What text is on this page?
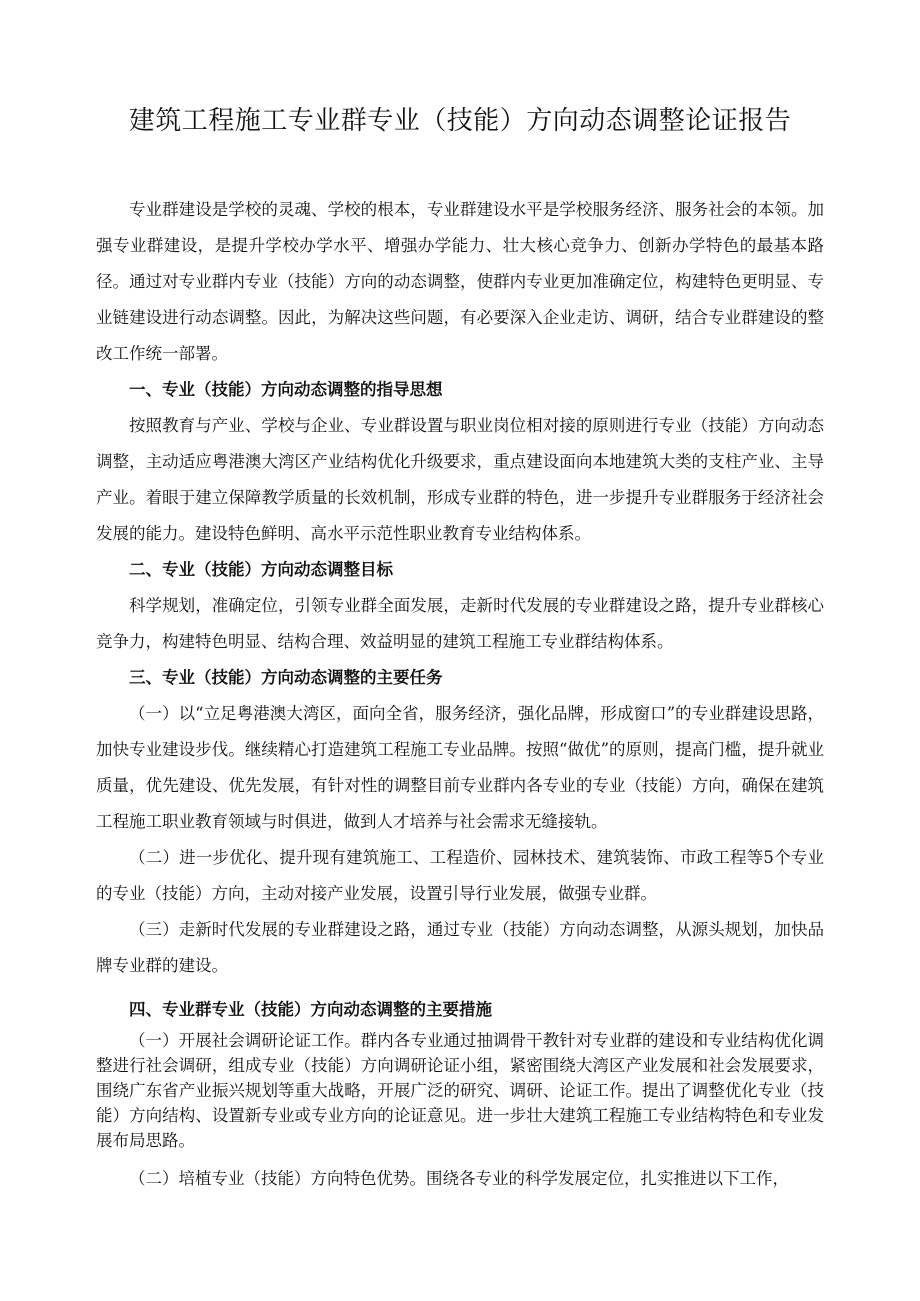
建筑工程施工专业群专业（技能）方向动态调整论证报告

专业群建设是学校的灵魂、学校的根本，专业群建设水平是学校服务经济、服务社会的本领。加强专业群建设，是提升学校办学水平、增强办学能力、壮大核心竞争力、创新办学特色的最基本路径。通过对专业群内专业（技能）方向的动态调整，使群内专业更加准确定位，构建特色更明显、专业链建设进行动态调整。因此，为解决这些问题，有必要深入企业走访、调研，结合专业群建设的整改工作统一部署。

一、专业（技能）方向动态调整的指导思想

按照教育与产业、学校与企业、专业群设置与职业岗位相对接的原则进行专业（技能）方向动态调整，主动适应粤港澳大湾区产业结构优化升级要求，重点建设面向本地建筑大类的支柱产业、主导产业。着眼于建立保障教学质量的长效机制，形成专业群的特色，进一步提升专业群服务于经济社会发展的能力。建设特色鲜明、高水平示范性职业教育专业结构体系。

二、专业（技能）方向动态调整目标

科学规划，准确定位，引领专业群全面发展，走新时代发展的专业群建设之路，提升专业群核心竞争力，构建特色明显、结构合理、效益明显的建筑工程施工专业群结构体系。

三、专业（技能）方向动态调整的主要任务

（一）以“立足粤港澳大湾区，面向全省，服务经济，强化品牌，形成窗口”的专业群建设思路，加快专业建设步伐。继续精心打造建筑工程施工专业品牌。按照“做优”的原则，提高门槛，提升就业质量，优先建设、优先发展，有针对性的调整目前专业群内各专业的专业（技能）方向，确保在建筑工程施工职业教育领域与时俱进，做到人才培养与社会需求无缝接轨。

（二）进一步优化、提升现有建筑施工、工程造价、园林技术、建筑装饰、市政工程等5个专业的专业（技能）方向，主动对接产业发展，设置引导行业发展，做强专业群。

（三）走新时代发展的专业群建设之路，通过专业（技能）方向动态调整，从源头规划，加快品牌专业群的建设。

四、专业群专业（技能）方向动态调整的主要措施

（一）开展社会调研论证工作。群内各专业通过抽调骨干教针对专业群的建设和专业结构优化调整进行社会调研，组成专业（技能）方向调研论证小组，紧密围绕大湾区产业发展和社会发展要求，围绕广东省产业振兴规划等重大战略，开展广泛的研究、调研、论证工作。提出了调整优化专业（技能）方向结构、设置新专业或专业方向的论证意见。进一步壮大建筑工程施工专业结构特色和专业发展布局思路。

（二）培植专业（技能）方向特色优势。围绕各专业的科学发展定位，扎实推进以下工作，
